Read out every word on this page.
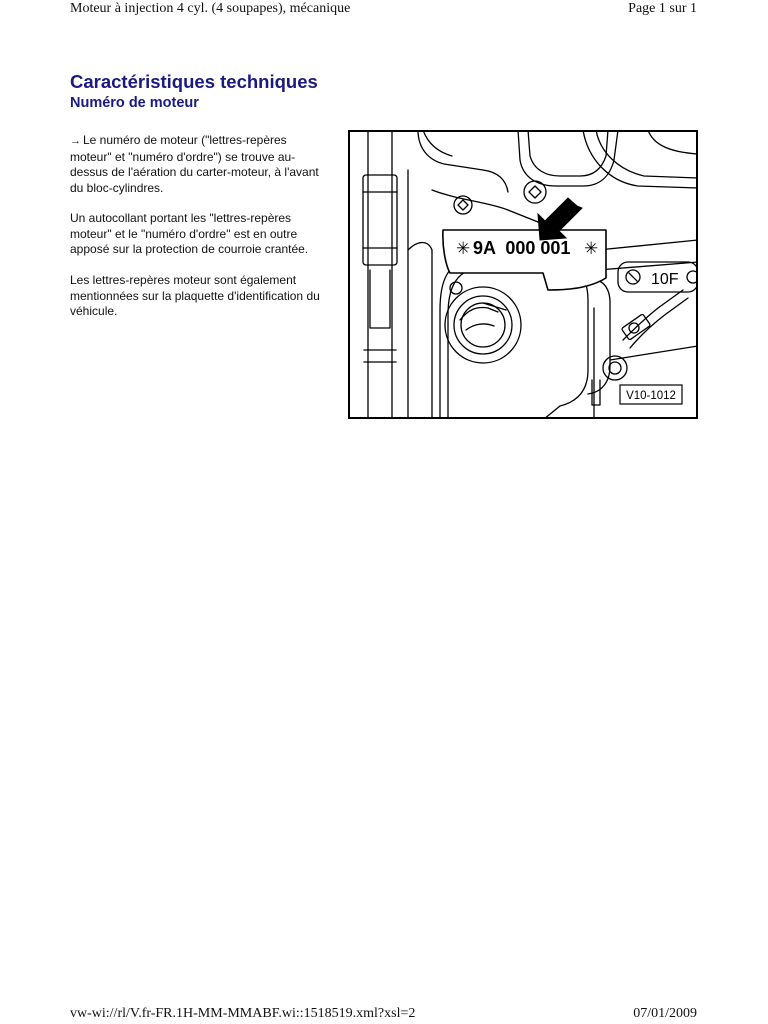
Moteur à injection 4 cyl. (4 soupapes), mécanique	Page 1 sur 1
Caractéristiques techniques
Numéro de moteur

→ Le numéro de moteur ("lettres-repères moteur" et "numéro d'ordre") se trouve au-dessus de l'aération du carter-moteur, à l'avant du bloc-cylindres.

Un autocollant portant les "lettres-repères moteur" et le "numéro d'ordre" est en outre apposé sur la protection de courroie crantée.

Les lettres-repères moteur sont également mentionnées sur la plaquette d'identification du véhicule.

✳ 9A  000 001 ✳
10F
V10-1012
vw-wi://rl/V.fr-FR.1H-MM-MMABF.wi::1518519.xml?xsl=2	07/01/2009
